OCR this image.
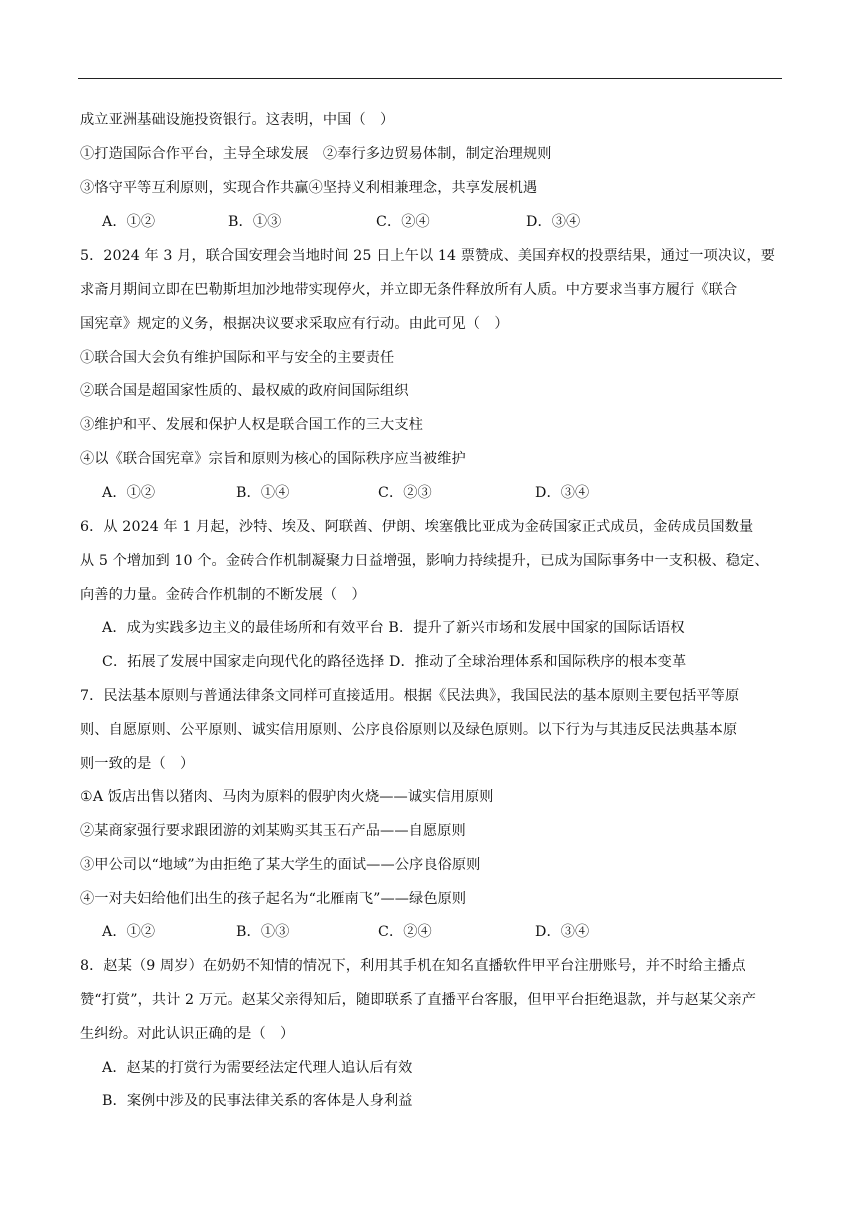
成立亚洲基础设施投资银行。这表明，中国（　）
①打造国际合作平台，主导全球发展　②奉行多边贸易体制，制定治理规则
③恪守平等互利原则，实现合作共赢④坚持义利相兼理念，共享发展机遇
A．①②	B．①③	C．②④	D．③④
5．2024 年 3 月，联合国安理会当地时间 25 日上午以 14 票赞成、美国弃权的投票结果，通过一项决议，要
求斋月期间立即在巴勒斯坦加沙地带实现停火，并立即无条件释放所有人质。中方要求当事方履行《联合
国宪章》规定的义务，根据决议要求采取应有行动。由此可见（　）
①联合国大会负有维护国际和平与安全的主要责任
②联合国是超国家性质的、最权威的政府间国际组织
③维护和平、发展和保护人权是联合国工作的三大支柱
④以《联合国宪章》宗旨和原则为核心的国际秩序应当被维护
A．①②	B．①④	C．②③	D．③④
6．从 2024 年 1 月起，沙特、埃及、阿联酋、伊朗、埃塞俄比亚成为金砖国家正式成员，金砖成员国数量
从 5 个增加到 10 个。金砖合作机制凝聚力日益增强，影响力持续提升，已成为国际事务中一支积极、稳定、
向善的力量。金砖合作机制的不断发展（　）
A．成为实践多边主义的最佳场所和有效平台 B．提升了新兴市场和发展中国家的国际话语权
C．拓展了发展中国家走向现代化的路径选择 D．推动了全球治理体系和国际秩序的根本变革
7．民法基本原则与普通法律条文同样可直接适用。根据《民法典》，我国民法的基本原则主要包括平等原
则、自愿原则、公平原则、诚实信用原则、公序良俗原则以及绿色原则。以下行为与其违反民法典基本原
则一致的是（　）
①A 饭店出售以猪肉、马肉为原料的假驴肉火烧——诚实信用原则
②某商家强行要求跟团游的刘某购买其玉石产品——自愿原则
③甲公司以“地域”为由拒绝了某大学生的面试——公序良俗原则
④一对夫妇给他们出生的孩子起名为“北雁南飞”——绿色原则
A．①②	B．①③	C．②④	D．③④
8．赵某（9 周岁）在奶奶不知情的情况下，利用其手机在知名直播软件甲平台注册账号，并不时给主播点
赞“打赏”，共计 2 万元。赵某父亲得知后，随即联系了直播平台客服，但甲平台拒绝退款，并与赵某父亲产
生纠纷。对此认识正确的是（　）
A．赵某的打赏行为需要经法定代理人追认后有效
B．案例中涉及的民事法律关系的客体是人身利益
